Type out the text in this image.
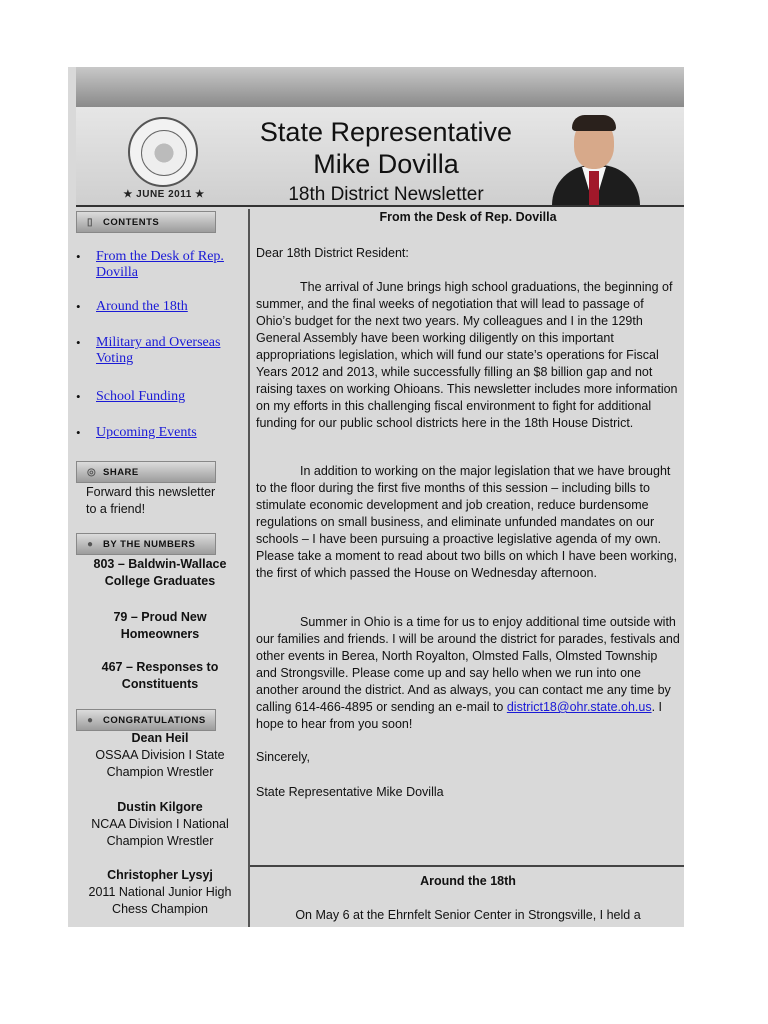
★ JUNE 2011 ★
State Representative
Mike Dovilla
18th District Newsletter
▯ CONTENTS
• From the Desk of Rep. Dovilla
• Around the 18th
• Military and Overseas Voting
• School Funding
• Upcoming Events
◎ SHARE
Forward this newsletter to a friend!
● BY THE NUMBERS
803 – Baldwin-Wallace
College Graduates
79 – Proud New
Homeowners
467 – Responses to
Constituents
● CONGRATULATIONS
Dean Heil
OSSAA Division I State
Champion Wrestler
Dustin Kilgore
NCAA Division I National
Champion Wrestler
Christopher Lysyj
2011 National Junior High
Chess Champion

From the Desk of Rep. Dovilla

Dear 18th District Resident:

The arrival of June brings high school graduations, the beginning of summer, and the final weeks of negotiation that will lead to passage of Ohio’s budget for the next two years. My colleagues and I in the 129th General Assembly have been working diligently on this important appropriations legislation, which will fund our state’s operations for Fiscal Years 2012 and 2013, while successfully filling an $8 billion gap and not raising taxes on working Ohioans. This newsletter includes more information on my efforts in this challenging fiscal environment to fight for additional funding for our public school districts here in the 18th House District.

In addition to working on the major legislation that we have brought to the floor during the first five months of this session – including bills to stimulate economic development and job creation, reduce burdensome regulations on small business, and eliminate unfunded mandates on our schools – I have been pursuing a proactive legislative agenda of my own. Please take a moment to read about two bills on which I have been working, the first of which passed the House on Wednesday afternoon.

Summer in Ohio is a time for us to enjoy additional time outside with our families and friends. I will be around the district for parades, festivals and other events in Berea, North Royalton, Olmsted Falls, Olmsted Township and Strongsville. Please come up and say hello when we run into one another around the district. And as always, you can contact me any time by calling 614-466-4895 or sending an e-mail to district18@ohr.state.oh.us. I hope to hear from you soon!

Sincerely,

State Representative Mike Dovilla

Around the 18th

On May 6 at the Ehrnfelt Senior Center in Strongsville, I held a
